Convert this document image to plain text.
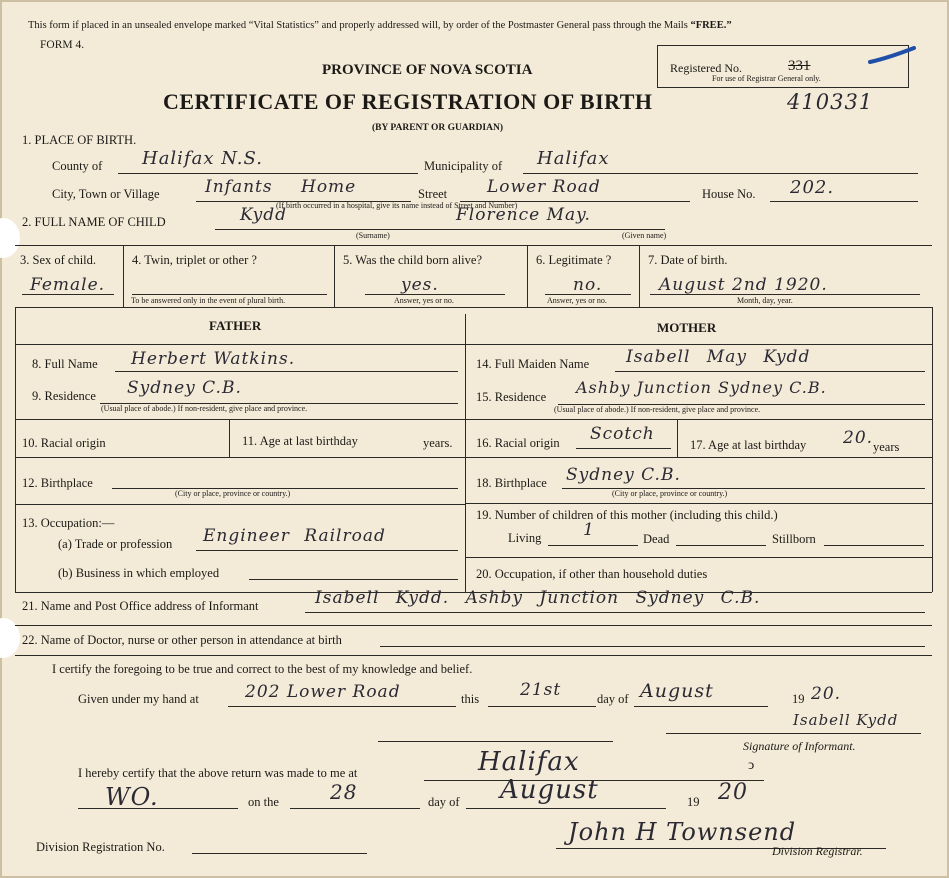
This form if placed in an unsealed envelope marked “Vital Statistics” and properly addressed will, by order of the Postmaster General pass through the Mails “FREE.”
FORM 4.
PROVINCE OF NOVA SCOTIA
CERTIFICATE OF REGISTRATION OF BIRTH	410331
(BY PARENT OR GUARDIAN)
Registered No.	331
For use of Registrar General only.
1. PLACE OF BIRTH.
County of Halifax N.S.	Municipality of Halifax
City, Town or Village	Infants Home	Street Lower Road	House No. 202.
(If birth occurred in a hospital, give its name instead of Street and Number)
2. FULL NAME OF CHILD	Kydd	Florence May.
(Surname)	(Given name)
3. Sex of child.
Female.
4. Twin, triplet or other ?
To be answered only in the event of plural birth.
5. Was the child born alive?
yes.
Answer, yes or no.
6. Legitimate ?
no.
Answer, yes or no.
7. Date of birth.
August 2nd 1920.
Month, day, year.
FATHER	MOTHER
8. Full Name Herbert Watkins.
9. Residence Sydney C.B.
(Usual place of abode.) If non-resident, give place and province.
10. Racial origin	11. Age at last birthday	years.
12. Birthplace
(City or place, province or country.)
13. Occupation:—
(a) Trade or profession Engineer Railroad
(b) Business in which employed
14. Full Maiden Name Isabell May Kydd
15. Residence Ashby Junction Sydney C.B.
(Usual place of abode.) If non-resident, give place and province.
16. Racial origin Scotch
17. Age at last birthday 20. years
18. Birthplace Sydney C.B.
(City or place, province or country.)
19. Number of children of this mother (including this child.)
Living 1	Dead	Stillborn
20. Occupation, if other than household duties
21. Name and Post Office address of Informant	Isabell Kydd. Ashby Junction Sydney C.B.
22. Name of Doctor, nurse or other person in attendance at birth
I certify the foregoing to be true and correct to the best of my knowledge and belief.
Given under my hand at	202 Lower Road	this 21st	day of August	19 20.
Isabell Kydd
Signature of Informant.
I hereby certify that the above return was made to me at	Halifax
WO.	on the	28	day of August	19 20
ↄ
Division Registration No.
John H Townsend
Division Registrar.
